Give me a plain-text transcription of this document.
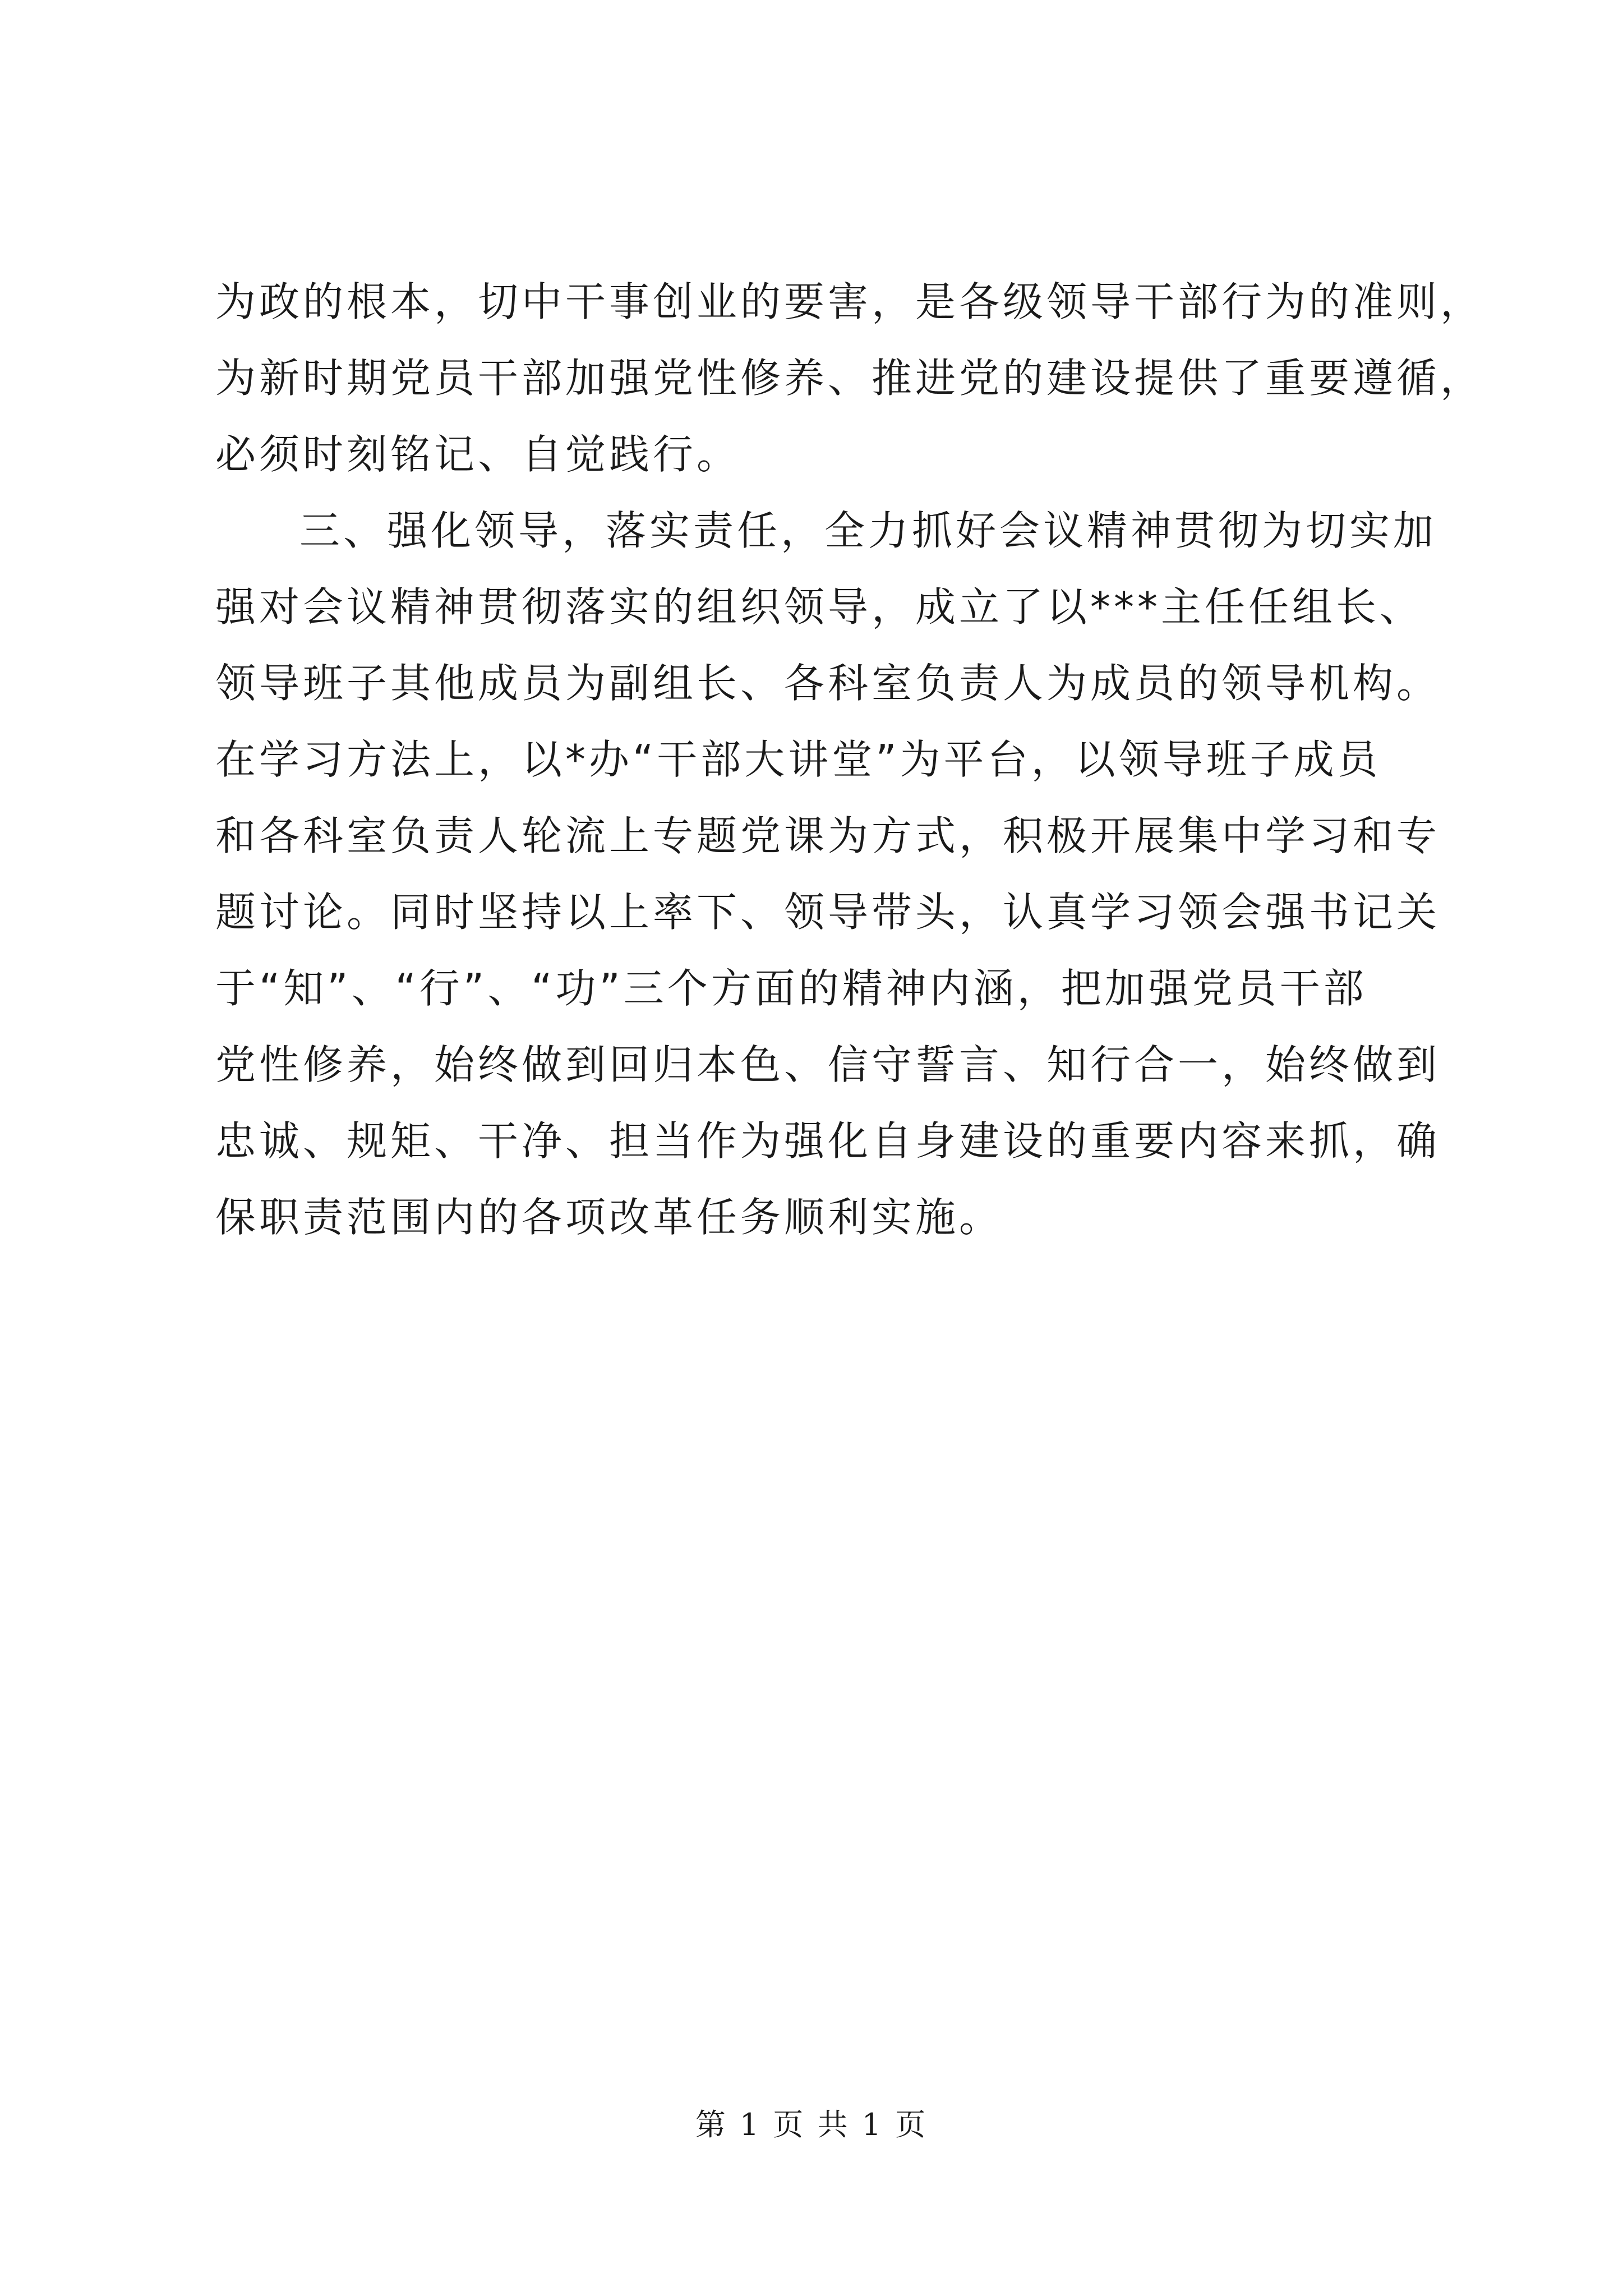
为政的根本，切中干事创业的要害，是各级领导干部行为的准则，
为新时期党员干部加强党性修养、推进党的建设提供了重要遵循，
必须时刻铭记、自觉践行。
三、强化领导，落实责任，全力抓好会议精神贯彻为切实加
强对会议精神贯彻落实的组织领导，成立了以***主任任组长、
领导班子其他成员为副组长、各科室负责人为成员的领导机构。
在学习方法上，以*办“干部大讲堂”为平台，以领导班子成员
和各科室负责人轮流上专题党课为方式，积极开展集中学习和专
题讨论。同时坚持以上率下、领导带头，认真学习领会强书记关
于“知”、“行”、“功”三个方面的精神内涵，把加强党员干部
党性修养，始终做到回归本色、信守誓言、知行合一，始终做到
忠诚、规矩、干净、担当作为强化自身建设的重要内容来抓，确
保职责范围内的各项改革任务顺利实施。
第 1 页 共 1 页
